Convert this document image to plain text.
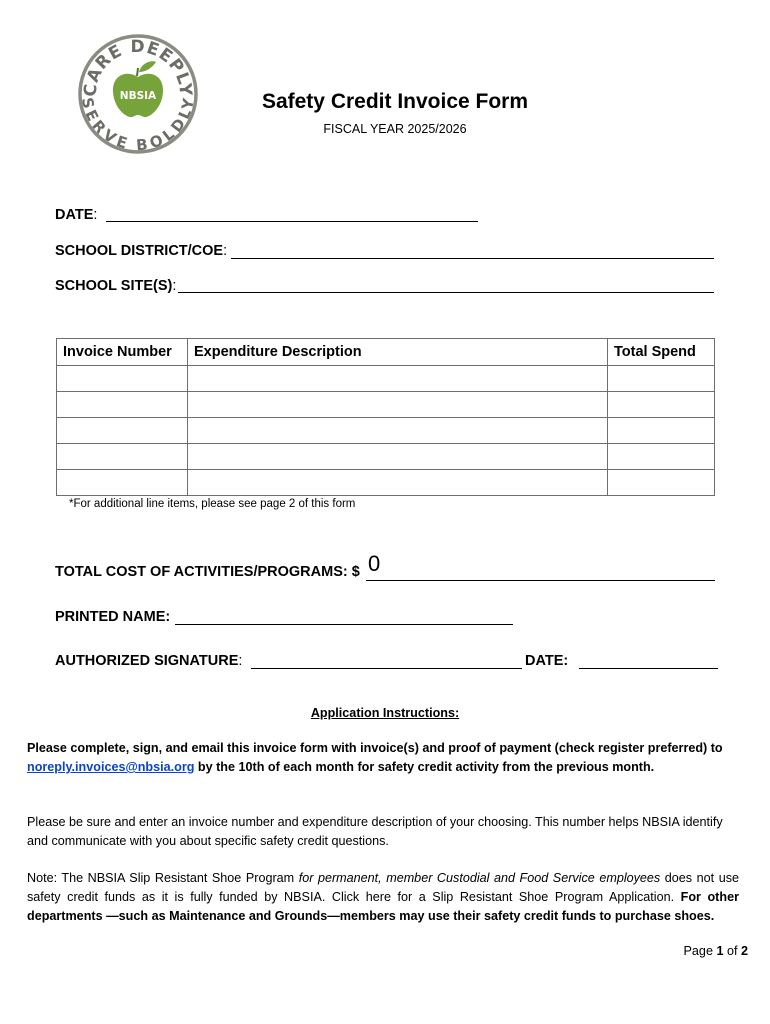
CARE DEEPLY
SERVE BOLDLY
NBSIA	Safety Credit Invoice Form
FISCAL YEAR 2025/2026
DATE:
SCHOOL DISTRICT/COE:
SCHOOL SITE(S):
Invoice Number	Expenditure Description	Total Spend

*For additional line items, please see page 2 of this form
TOTAL COST OF ACTIVITIES/PROGRAMS: $ 0
PRINTED NAME:
AUTHORIZED SIGNATURE:	DATE:
Application Instructions:
Please complete, sign, and email this invoice form with invoice(s) and proof of payment (check register preferred) to noreply.invoices@nbsia.org by the 10th of each month for safety credit activity from the previous month.
Please be sure and enter an invoice number and expenditure description of your choosing. This number helps NBSIA identify and communicate with you about specific safety credit questions.
Note: The NBSIA Slip Resistant Shoe Program for permanent, member Custodial and Food Service employees does not use safety credit funds as it is fully funded by NBSIA. Click here for a Slip Resistant Shoe Program Application. For other departments —such as Maintenance and Grounds—members may use their safety credit funds to purchase shoes.
Page 1 of 2
